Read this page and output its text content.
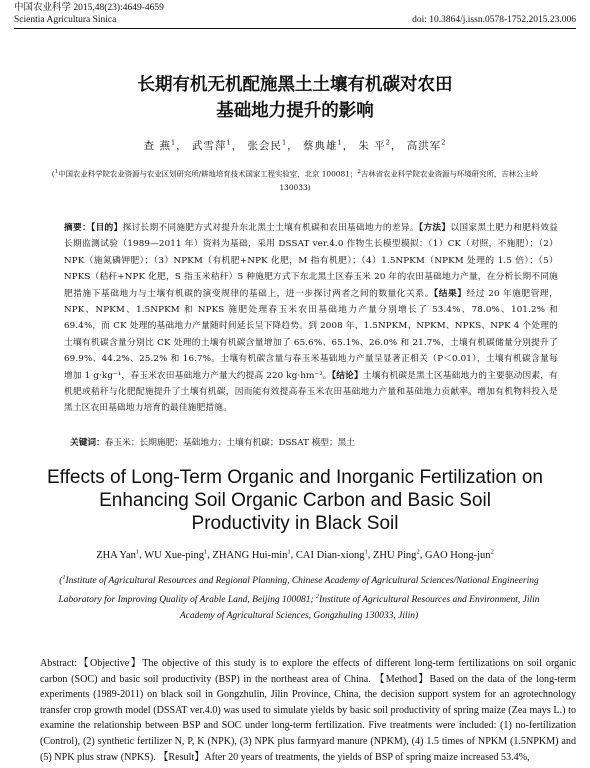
中国农业科学 2015,48(23):4649-4659
Scientia Agricultura Sinica	doi: 10.3864/j.issn.0578-1752.2015.23.006
长期有机无机配施黑土土壤有机碳对农田
基础地力提升的影响
查 燕$^1$， 武雪萍$^1$， 张会民$^1$， 蔡典雄$^1$， 朱 平$^2$， 高洪军$^2$
($^1$中国农业科学院农业资源与农业区划研究所/耕地培育技术国家工程实验室，北京 100081；$^2$吉林省农业科学院农业资源与环境研究所，吉林公主岭 130033)
摘要：【目的】探讨长期不同施肥方式对提升东北黑土土壤有机碳和农田基础地力的差异。【方法】以国家黑土肥力和肥料效益长期监测试验（1989—2011 年）资料为基础，采用 DSSAT ver.4.0 作物生长模型模拟：（1）CK（对照，不施肥）；（2）NPK（施氮磷钾肥）；（3）NPKM（有机肥+NPK 化肥，M 指有机肥）；（4）1.5NPKM（NPKM 处理的 1.5 倍）；（5）NPKS（秸秆+NPK 化肥，S 指玉米秸秆）5 种施肥方式下东北黑土区春玉米 20 年的农田基础地力产量，在分析长期不同施肥措施下基础地力与土壤有机碳的演变规律的基础上，进一步探讨两者之间的数量化关系。【结果】经过 20 年施肥管理，NPK、NPKM、1.5NPKM 和 NPKS 施肥处理春玉米农田基础地力产量分别增长了 53.4%、78.0%、101.2% 和 69.4%，而 CK 处理的基础地力产量随时间延长呈下降趋势。到 2008 年，1.5NPKM、NPKM、NPKS、NPK 4 个处理的土壤有机碳含量分别比 CK 处理的土壤有机碳含量增加了 65.6%、65.1%、26.0% 和 21.7%，土壤有机碳储量分别提升了 69.9%、44.2%、25.2% 和 16.7%。土壤有机碳含量与春玉米基础地力产量呈显著正相关（P＜0.01），土壤有机碳含量每增加 1 g·kg⁻¹，春玉米农田基础地力产量大约提高 220 kg·hm⁻²。【结论】土壤有机碳是黑土区基础地力的主要驱动因素，有机肥或秸秆与化肥配施提升了土壤有机碳，因而能有效提高春玉米农田基础地力产量和基础地力贡献率。增加有机物料投入是黑土区农田基础地力培育的最佳施肥措施。
关键词：春玉米；长期施肥；基础地力；土壤有机碳；DSSAT 模型；黑土
Effects of Long-Term Organic and Inorganic Fertilization on
Enhancing Soil Organic Carbon and Basic Soil
Productivity in Black Soil
ZHA Yan$^1$, WU Xue-ping$^1$, ZHANG Hui-$\min^1$, CAI Dian-xiong$^1$, ZHU Ping$^2$, GAO Hong-jun$^2$
($^1$Institute of Agricultural Resources and Regional Planning, Chinese Academy of Agricultural Sciences/National Engineering Laboratory for Improving Quality of Arable Land, Beijing 100081; $^2$Institute of Agricultural Resources and Environment, Jilin Academy of Agricultural Sciences, Gongzhuling 130033, Jilin)
Abstract:【Objective】The objective of this study is to explore the effects of different long-term fertilizations on soil organic carbon (SOC) and basic soil productivity (BSP) in the northeast area of China. 【Method】Based on the data of the long-term experiments (1989-2011) on black soil in Gongzhulin, Jilin Province, China, the decision support system for an agrotechnology transfer crop growth model (DSSAT ver.4.0) was used to simulate yields by basic soil productivity of spring maize (Zea mays L.) to examine the relationship between BSP and SOC under long-term fertilization. Five treatments were included: (1) no-fertilization (Control), (2) synthetic fertilizer N, P, K (NPK), (3) NPK plus farmyard manure (NPKM), (4) 1.5 times of NPKM (1.5NPKM) and (5) NPK plus straw (NPKS). 【Result】After 20 years of treatments, the yields of BSP of spring maize increased 53.4%,
